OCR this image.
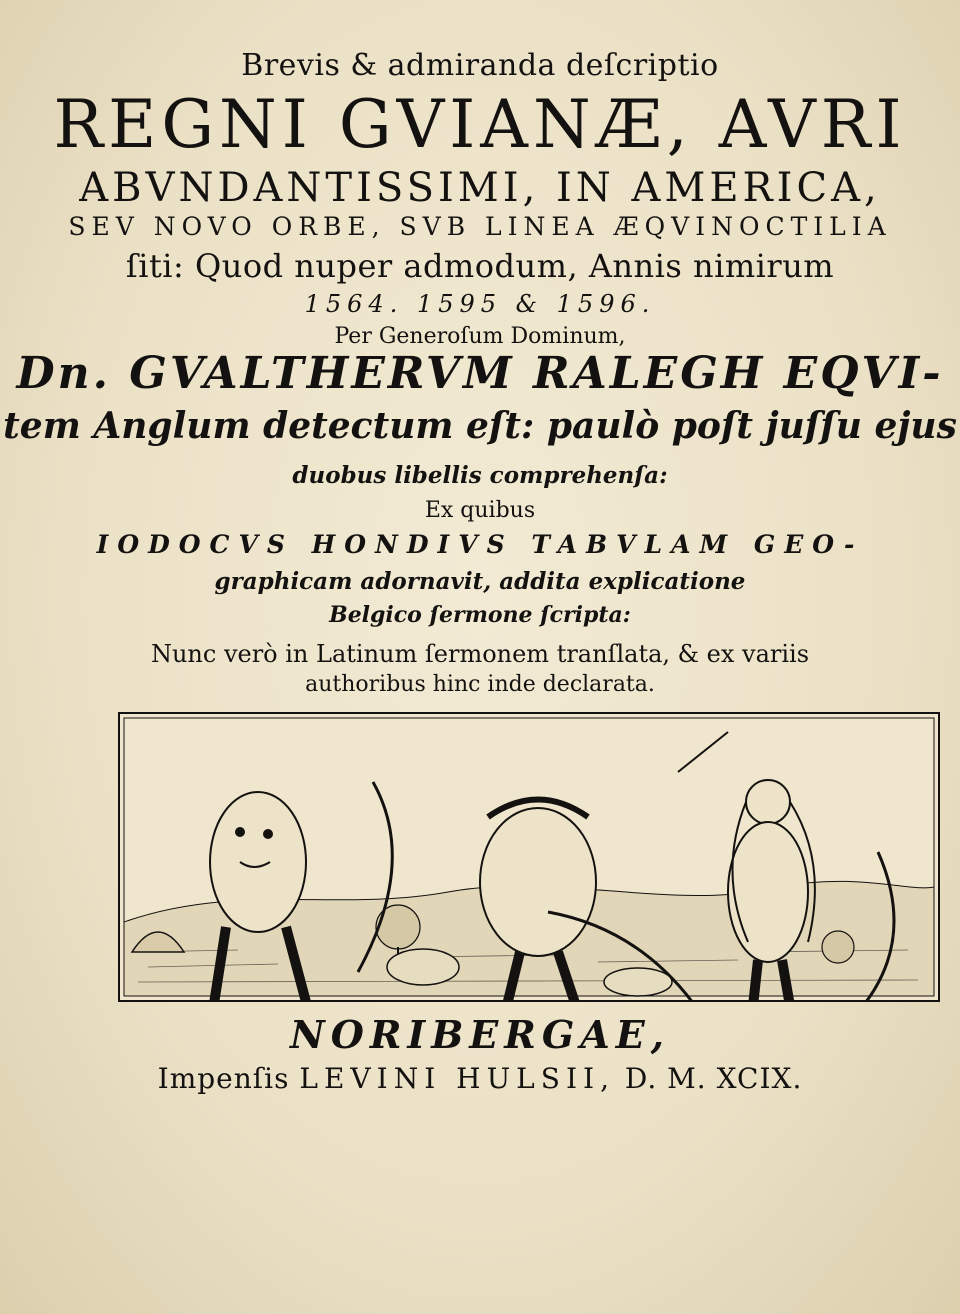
Brevis & admiranda deſcriptio
REGNI GVIANÆ, AVRI
ABVNDANTISSIMI, IN AMERICA,
SEV NOVO ORBE, SVB LINEA ÆQVINOCTILIA
ſiti: Quod nuper admodum, Annis nimirum
1564. 1595 & 1596.
Per Generoſum Dominum,
Dn. GVALTHERVM RALEGH EQVI-
tem Anglum detectum eſt: paulò poſt juſſu ejus
duobus libellis comprehenſa:
Ex quibus
IODOCVS HONDIVS TABVLAM GEO-
graphicam adornavit, addita explicatione
Belgico ſermone ſcripta:
Nunc verò in Latinum ſermonem tranſlata, & ex variis
authoribus hinc inde declarata.
NORIBERGAE,
Impenſis LEVINI HULSII, D. M. XCIX.
